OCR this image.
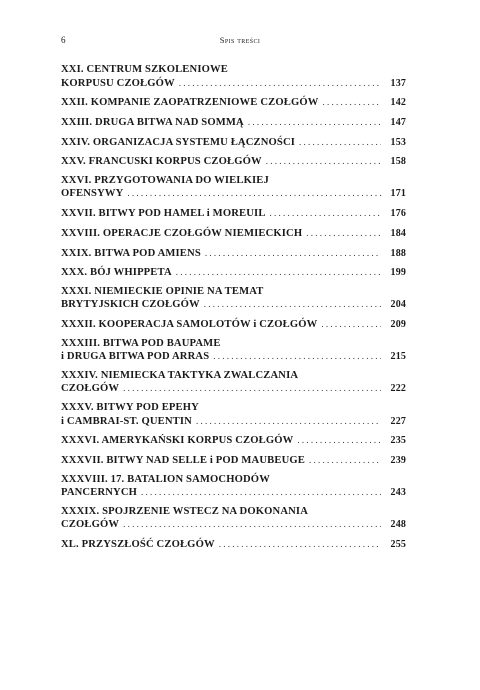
6	Spis treści
XXI. CENTRUM SZKOLENIOWE
KORPUSU CZOŁGÓW . . .	137
XXII. KOMPANIE ZAOPATRZENIOWE CZOŁGÓW . . .	142
XXIII. DRUGA BITWA NAD SOMMĄ . . .	147
XXIV. ORGANIZACJA SYSTEMU ŁĄCZNOŚCI . . .	153
XXV. FRANCUSKI KORPUS CZOŁGÓW . . .	158
XXVI. PRZYGOTOWANIA DO WIELKIEJ
OFENSYWY . . .	171
XXVII. BITWY POD HAMEL i MOREUIL . . .	176
XXVIII. OPERACJE CZOŁGÓW NIEMIECKICH . . .	184
XXIX. BITWA POD AMIENS . . .	188
XXX. BÓJ WHIPPETA . . .	199
XXXI. NIEMIECKIE OPINIE NA TEMAT
BRYTYJSKICH CZOŁGÓW . . .	204
XXXII. KOOPERACJA SAMOLOTÓW i CZOŁGÓW . . .	209
XXXIII. BITWA POD BAUPAME
i DRUGA BITWA POD ARRAS . . .	215
XXXIV. NIEMIECKA TAKTYKA ZWALCZANIA
CZOŁGÓW . . .	222
XXXV. BITWY POD EPEHY
i CAMBRAI-ST. QUENTIN . . .	227
XXXVI. AMERYKAŃSKI KORPUS CZOŁGÓW . . .	235
XXXVII. BITWY NAD SELLE i POD MAUBEUGE . . .	239
XXXVIII. 17. BATALION SAMOCHODÓW
PANCERNYCH . . .	243
XXXIX. SPOJRZENIE WSTECZ NA DOKONANIA
CZOŁGÓW . . .	248
XL. PRZYSZŁOŚĆ CZOŁGÓW . . .	255
